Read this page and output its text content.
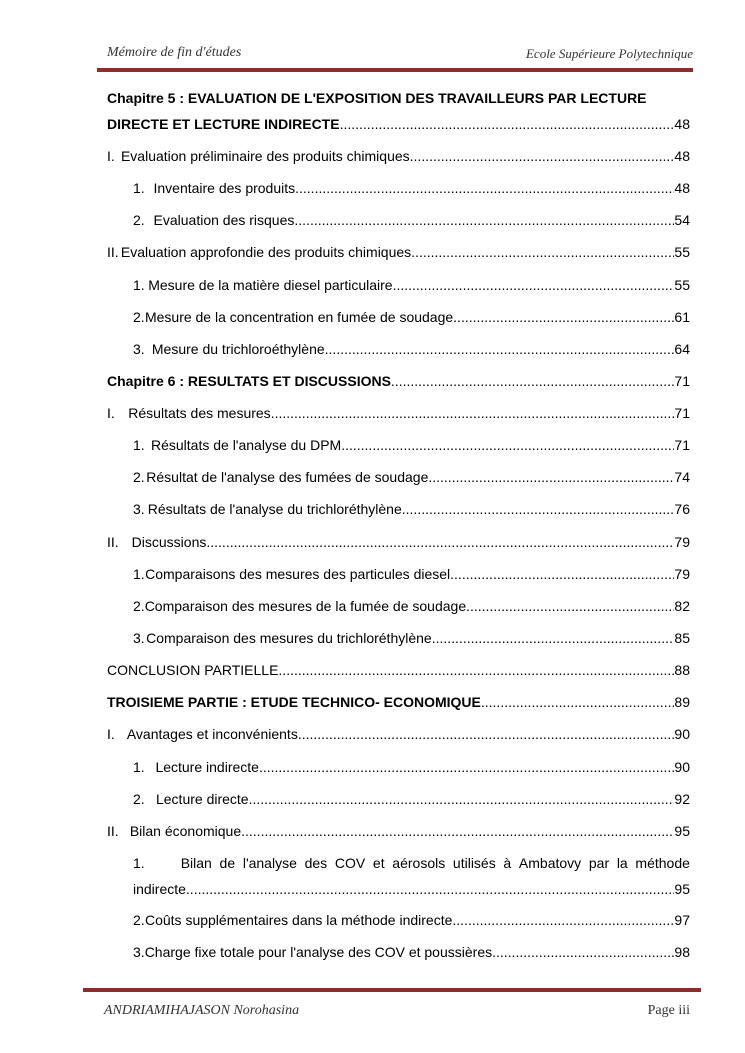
Mémoire de fin d'études	Ecole Supérieure Polytechnique
Chapitre 5 : EVALUATION DE L'EXPOSITION DES TRAVAILLEURS PAR LECTURE
DIRECTE ET LECTURE INDIRECTE .....	48
I. Evaluation préliminaire des produits chimiques .....	48
1. Inventaire des produits .....	48
2. Evaluation des risques .....	54
II. Evaluation approfondie des produits chimiques .....	55
1. Mesure de la matière diesel particulaire .....	55
2. Mesure de la concentration en fumée de soudage .....	61
3. Mesure du trichloroéthylène .....	64
Chapitre 6 : RESULTATS ET DISCUSSIONS .....	71
I. Résultats des mesures .....	71
1. Résultats de l'analyse du DPM .....	71
2. Résultat de l'analyse des fumées de soudage .....	74
3. Résultats de l'analyse du trichloréthylène .....	76
II. Discussions .....	79
1. Comparaisons des mesures des particules diesel .....	79
2. Comparaison des mesures de la fumée de soudage .....	82
3. Comparaison des mesures du trichloréthylène .....	85
CONCLUSION PARTIELLE .....	88
TROISIEME PARTIE : ETUDE TECHNICO- ECONOMIQUE .....	89
I. Avantages et inconvénients .....	90
1. Lecture indirecte .....	90
2. Lecture directe .....	92
II. Bilan économique .....	95
1.	Bilan de l'analyse des COV et aérosols utilisés à Ambatovy par la méthode
indirecte .....	95
2. Coûts supplémentaires dans la méthode indirecte .....	97
3. Charge fixe totale pour l'analyse des COV et poussières .....	98
ANDRIAMIHAJASON Norohasina	Page iii
